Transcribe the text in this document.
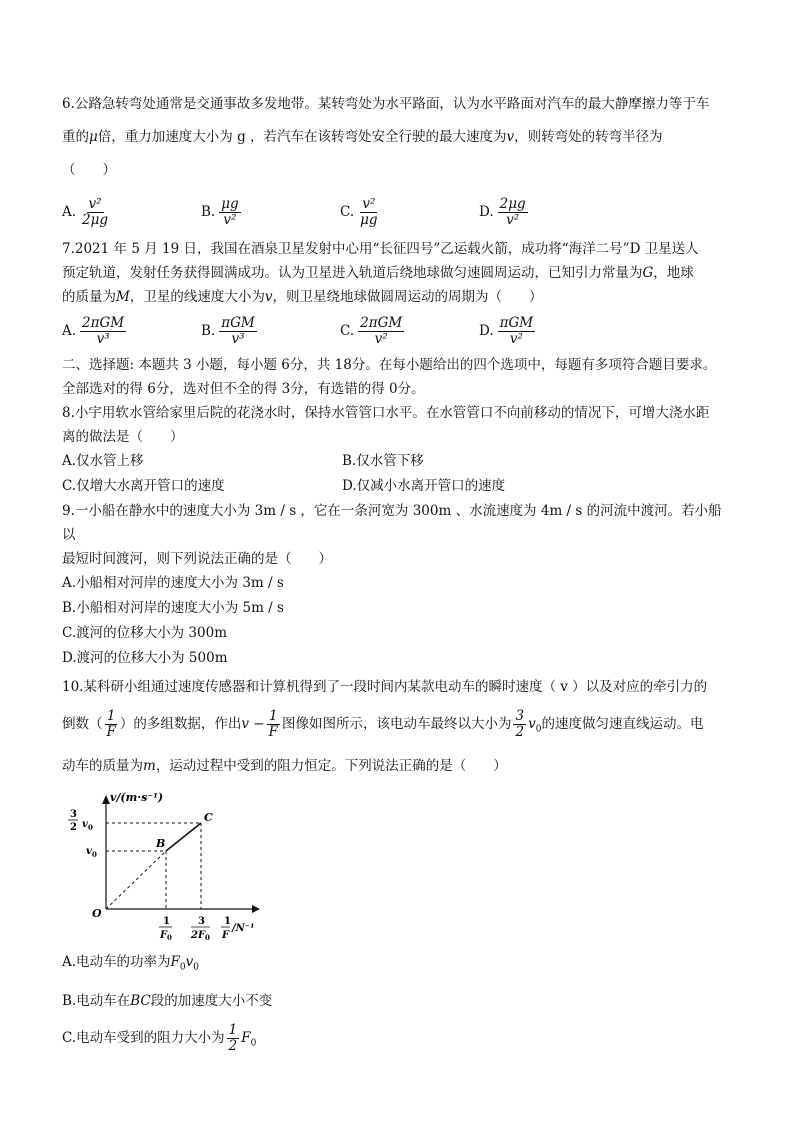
6.公路急转弯处通常是交通事故多发地带。某转弯处为水平路面，认为水平路面对汽车的最大静摩擦力等于车
重的μ倍，重力加速度大小为 g ，若汽车在该转弯处安全行驶的最大速度为v，则转弯处的转弯半径为
（　　）
A. $\frac{\text{v²}}{2\mu g}$	B. $\frac{\mu g}{\text{v²}}$	C. $\frac{\text{v²}}{\mu g}$	D. $\frac{2\mu g}{\text{v²}}$
7.2021 年 5 月 19 日，我国在酒泉卫星发射中心用“长征四号”乙运载火箭，成功将“海洋二号”D 卫星送人
预定轨道，发射任务获得圆满成功。认为卫星进入轨道后绕地球做匀速圆周运动，已知引力常量为G，地球
的质量为M，卫星的线速度大小为v，则卫星绕地球做圆周运动的周期为（　　）
A. $\frac{\text{2πGM}}{\text{v³}}$	B. $\frac{\text{πGM}}{\text{v³}}$	C. $\frac{\text{2πGM}}{\text{v²}}$	D. $\frac{\text{πGM}}{\text{v²}}$
二、选择题: 本题共 3 小题，每小题 6分，共 18分。在每小题给出的四个选项中，每题有多项符合题目要求。
全部选对的得 6分，选对但不全的得 3分，有选错的得 0分。
8.小宇用软水管给家里后院的花浇水时，保持水管管口水平。在水管管口不向前移动的情况下，可增大浇水距
离的做法是（　　）
A.仅水管上移	B.仅水管下移
C.仅增大水离开管口的速度	D.仅减小水离开管口的速度
9.一小船在静水中的速度大小为 3m / s ，它在一条河宽为 300m 、水流速度为 4m / s 的河流中渡河。若小船以
最短时间渡河，则下列说法正确的是（　　）
A.小船相对河岸的速度大小为 3m / s
B.小船相对河岸的速度大小为 5m / s
C.渡河的位移大小为 300m
D.渡河的位移大小为 500m
10.某科研小组通过速度传感器和计算机得到了一段时间内某款电动车的瞬时速度（ v ）以及对应的牵引力的
倒数（ $\frac{1}{F}$ ）的多组数据，作出$v - \frac{1}{F}$ 图像如图所示，该电动车最终以大小为 $\frac{3}{2} v_0$的速度做匀速直线运动。电
动车的质量为m，运动过程中受到的阻力恒定。下列说法正确的是（　　）
v/(m·s⁻¹)
O
B
C
3
2 v 0
v 0
1
F 0
3
2F 0
1
F
/N⁻¹
A.电动车的功率为$F_0v_0$
B.电动车在BC段的加速度大小不变
C.电动车受到的阻力大小为 $\frac{1}{2} F_0$
